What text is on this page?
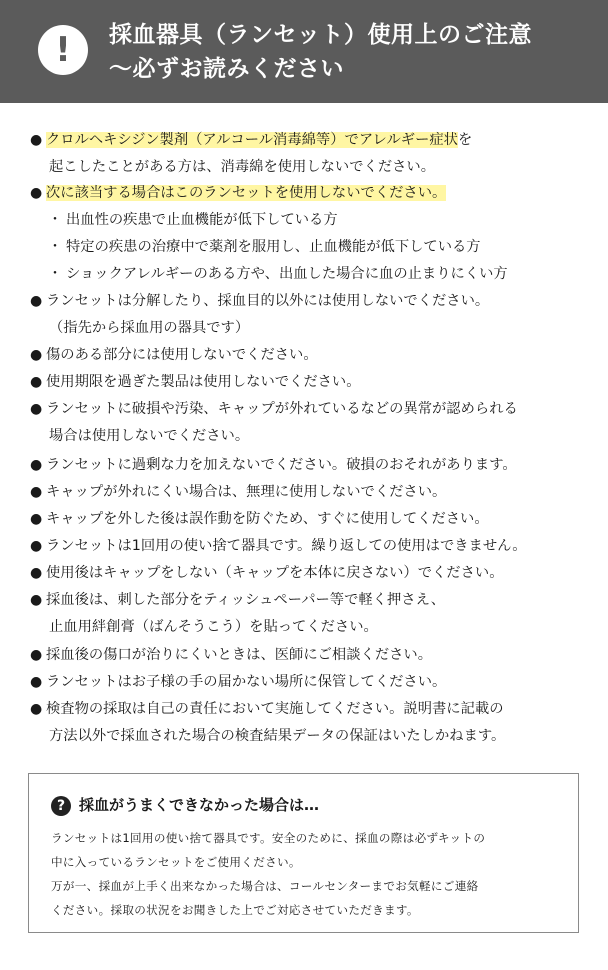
!	採血器具（ランセット）使用上のご注意
〜必ずお読みください
● クロルヘキシジン製剤（アルコール消毒綿等）でアレルギー症状を
起こしたことがある方は、消毒綿を使用しないでください。
● 次に該当する場合はこのランセットを使用しないでください。
・ 出血性の疾患で止血機能が低下している方
・ 特定の疾患の治療中で薬剤を服用し、止血機能が低下している方
・ ショックアレルギーのある方や、出血した場合に血の止まりにくい方
● ランセットは分解したり、採血目的以外には使用しないでください。
（指先から採血用の器具です）
● 傷のある部分には使用しないでください。
● 使用期限を過ぎた製品は使用しないでください。
● ランセットに破損や汚染、キャップが外れているなどの異常が認められる
場合は使用しないでください。
● ランセットに過剰な力を加えないでください。破損のおそれがあります。
● キャップが外れにくい場合は、無理に使用しないでください。
● キャップを外した後は誤作動を防ぐため、すぐに使用してください。
● ランセットは1回用の使い捨て器具です。繰り返しての使用はできません。
● 使用後はキャップをしない（キャップを本体に戻さない）でください。
● 採血後は、刺した部分をティッシュペーパー等で軽く押さえ、
止血用絆創膏（ばんそうこう）を貼ってください。
● 採血後の傷口が治りにくいときは、医師にご相談ください。
● ランセットはお子様の手の届かない場所に保管してください。
● 検査物の採取は自己の責任において実施してください。説明書に記載の
方法以外で採血された場合の検査結果データの保証はいたしかねます。
? 採血がうまくできなかった場合は…
ランセットは1回用の使い捨て器具です。安全のために、採血の際は必ずキットの
中に入っているランセットをご使用ください。
万が一、採血が上手く出来なかった場合は、コールセンターまでお気軽にご連絡
ください。採取の状況をお聞きした上でご対応させていただきます。
